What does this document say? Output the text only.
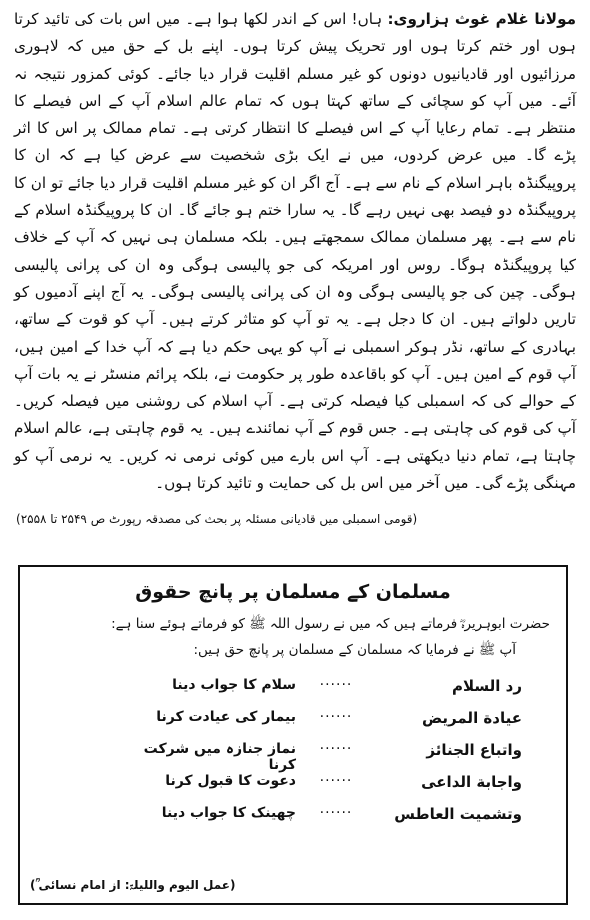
مولانا غلام غوث ہزاروی: ہاں! اس کے اندر لکھا ہوا ہے۔ میں اس بات کی تائید کرتا ہوں اور ختم کرتا ہوں اور تحریک پیش کرتا ہوں۔ اپنے بل کے حق میں کہ لاہوری مرزائیوں اور قادیانیوں دونوں کو غیر مسلم اقلیت قرار دیا جائے۔ کوئی کمزور نتیجہ نہ آئے۔ میں آپ کو سچائی کے ساتھ کہتا ہوں کہ تمام عالم اسلام آپ کے اس فیصلے کا منتظر ہے۔ تمام رعایا آپ کے اس فیصلے کا انتظار کرتی ہے۔ تمام ممالک پر اس کا اثر پڑے گا۔ میں عرض کردوں، میں نے ایک بڑی شخصیت سے عرض کیا ہے کہ ان کا پروپیگنڈہ باہر اسلام کے نام سے ہے۔ آج اگر ان کو غیر مسلم اقلیت قرار دیا جائے تو ان کا پروپیگنڈہ دو فیصد بھی نہیں رہے گا۔ یہ سارا ختم ہو جائے گا۔ ان کا پروپیگنڈہ اسلام کے نام سے ہے۔ پھر مسلمان ممالک سمجھتے ہیں۔ بلکہ مسلمان ہی نہیں کہ آپ کے خلاف کیا پروپیگنڈہ ہوگا۔ روس اور امریکہ کی جو پالیسی ہوگی وہ ان کی پرانی پالیسی ہوگی۔ چین کی جو پالیسی ہوگی وہ ان کی پرانی پالیسی ہوگی۔ یہ آج اپنے آدمیوں کو تاریں دلواتے ہیں۔ ان کا دجل ہے۔ یہ تو آپ کو متاثر کرتے ہیں۔ آپ کو قوت کے ساتھ، بہادری کے ساتھ، نڈر ہوکر اسمبلی نے آپ کو یہی حکم دیا ہے کہ آپ خدا کے امین ہیں، آپ قوم کے امین ہیں۔ آپ کو باقاعدہ طور پر حکومت نے، بلکہ پرائم منسٹر نے یہ بات آپ کے حوالے کی کہ اسمبلی کیا فیصلہ کرتی ہے۔ آپ اسلام کی روشنی میں فیصلہ کریں۔ آپ کی قوم کی چاہتی ہے۔ جس قوم کے آپ نمائندے ہیں۔ یہ قوم چاہتی ہے، عالم اسلام چاہتا ہے، تمام دنیا دیکھتی ہے۔ آپ اس بارے میں کوئی نرمی نہ کریں۔ یہ نرمی آپ کو مہنگی پڑے گی۔ میں آخر میں اس بل کی حمایت و تائید کرتا ہوں۔
(قومی اسمبلی میں قادیانی مسئلہ پر بحث کی مصدقہ رپورٹ ص ۲۵۴۹ تا ۲۵۵۸)
مسلمان کے مسلمان پر پانچ حقوق
حضرت ابوہریرہؓ فرماتے ہیں کہ میں نے رسول اللہ ﷺ کو فرماتے ہوئے سنا ہے:
آپ ﷺ نے فرمایا کہ مسلمان کے مسلمان پر پانچ حق ہیں:
رد السلام
......
سلام کا جواب دینا
عیادة المریض
......
بیمار کی عیادت کرنا
واتباع الجنائز
......
نماز جنازہ میں شرکت کرنا
واجابة الداعی
......
دعوت کا قبول کرنا
وتشمیت العاطس
......
چھینک کا جواب دینا
(عمل الیوم واللیلۃ: از امام نسائی ؒ)
